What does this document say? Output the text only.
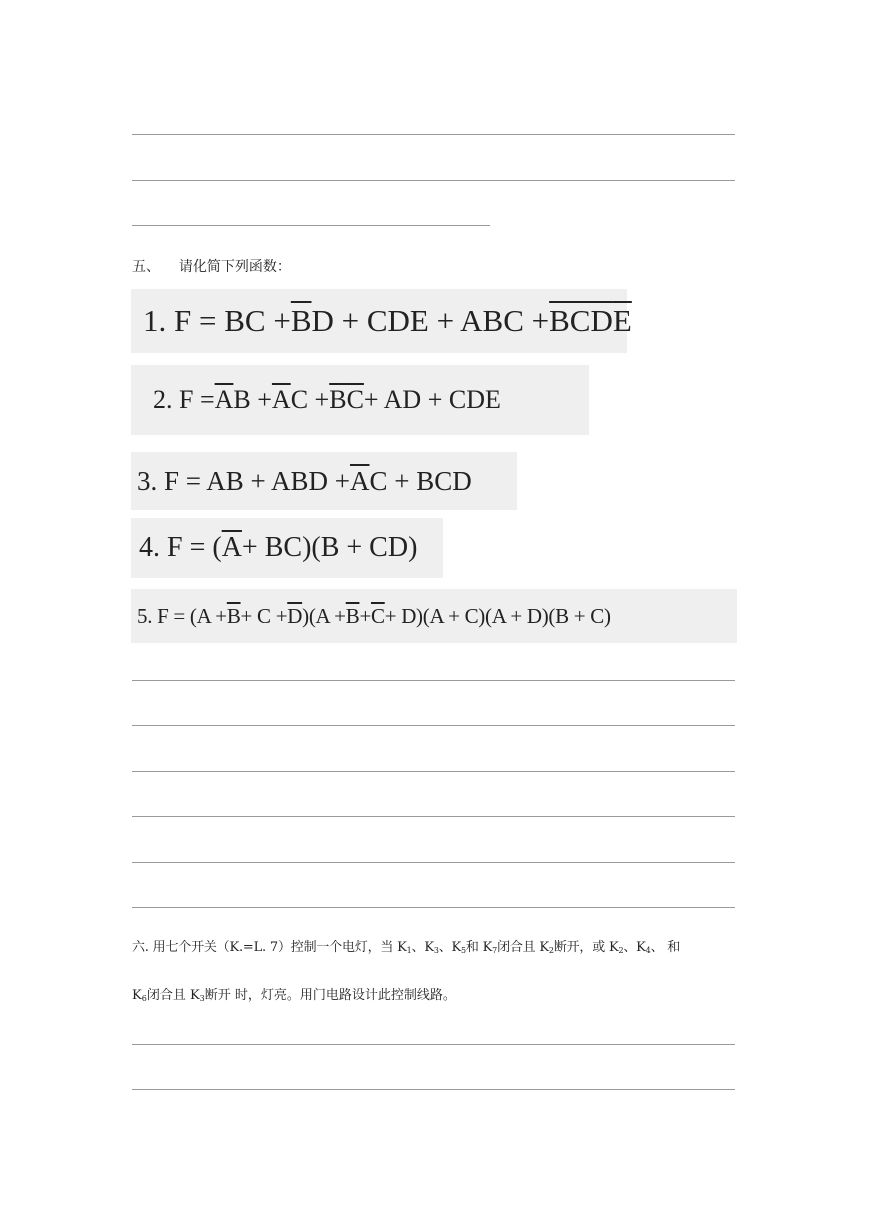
五、 请化简下列函数：
1. F = BC + $\overline{B}$ D + CDE + ABC + $\overline{BCD}$ $\overline{E}$
2. $F = \overline{A}$ $B + \overline{A}$ $C + \overline{B}$ $\overline{C}$ + AD + CDE
3. F = AB + ABD + $\overline{A}$ C + BCD
4. F = ( $\overline{A} + BC)(B + CD)$
5. $F = (A + \overline{B} + C + \overline{D}$ )$(A + \overline{B} + \overline{C} + D)(A + C)(A + D)(B + C)$
六. 用七个开关（K.=L. 7）控制一个电灯，当 $K_1$、$K_3$、$K_5$和 $K_7$闭合且 $K_2$断开，或 $K_2$、$K_4$、 和
$K_6$闭合且 $K_3$断开 时，灯亮。用门电路设计此控制线路。
